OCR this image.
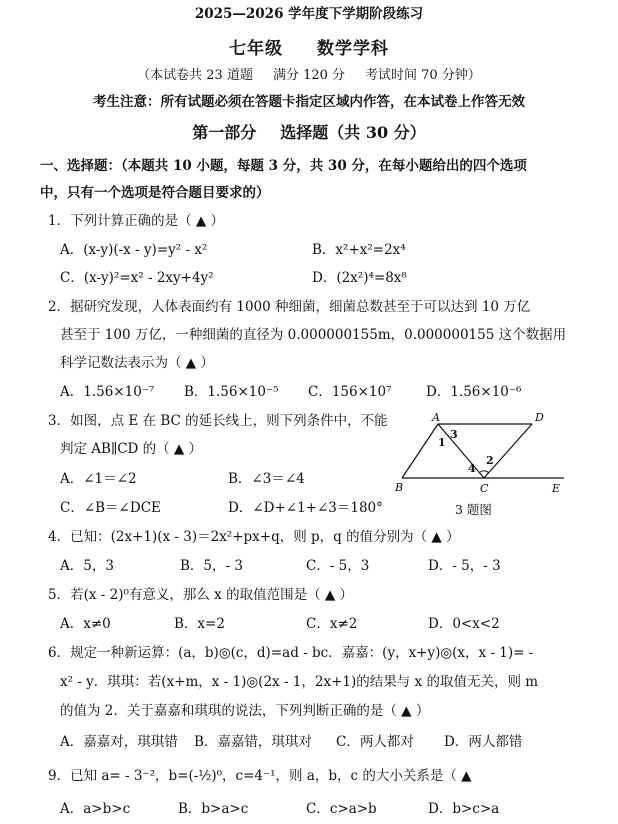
2025—2026 学年度下学期阶段练习
七年级 数学学科
（本试卷共 23 道题 满分 120 分 考试时间 70 分钟）
考生注意：所有试题必须在答题卡指定区域内作答，在本试卷上作答无效
第一部分 选择题（共 30 分）
一、选择题：（本题共 10 小题，每题 3 分，共 30 分，在每小题给出的四个选项
中，只有一个选项是符合题目要求的）
1．下列计算正确的是（ ▲ ）
A．(x-y)(-x - y)=y² - x²	B．x²+x²=2x⁴
C．(x-y)²=x² - 2xy+4y²	D．(2x²)⁴=8x⁸
2．据研究发现，人体表面约有 1000 种细菌，细菌总数甚至于可以达到 10 万亿
甚至于 100 万亿，一种细菌的直径为 0.000000155m，0.000000155 这个数据用
科学记数法表示为（ ▲ ）
A．1.56×10⁻⁷ B．1.56×10⁻⁵ C．156×10⁷	D．1.56×10⁻⁶
3．如图，点 E 在 BC 的延长线上，则下列条件中，不能
判定 AB∥CD 的（ ▲ ）
A．∠1＝∠2	B．∠3＝∠4
C．∠B＝∠DCE	D．∠D+∠1+∠3＝180°
A	D
B	C	E
1
2
3
4
3 题图
4．已知：(2x+1)(x - 3)＝2x²+px+q，则 p，q 的值分别为（ ▲ ）
A．5，3	B．5，- 3	C．- 5，3	D．- 5，- 3
5．若(x - 2)⁰有意义，那么 x 的取值范围是（ ▲ ）
A．x≠0	B．x=2	C．x≠2	D．0<x<2
6．规定一种新运算：(a，b)◎(c，d)=ad - bc．嘉嘉：(y，x+y)◎(x，x - 1)= -
x² - y．琪琪：若(x+m，x - 1)◎(2x - 1，2x+1)的结果与 x 的取值无关，则 m
的值为 2．关于嘉嘉和琪琪的说法，下列判断正确的是（ ▲ ）
A．嘉嘉对，琪琪错 B．嘉嘉错，琪琪对 C．两人都对 D．两人都错
9．已知 a= - 3⁻²，b=(-½)⁰，c=4⁻¹，则 a，b，c 的大小关系是（ ▲
A．a>b>c	B．b>a>c	C．c>a>b	D．b>c>a
